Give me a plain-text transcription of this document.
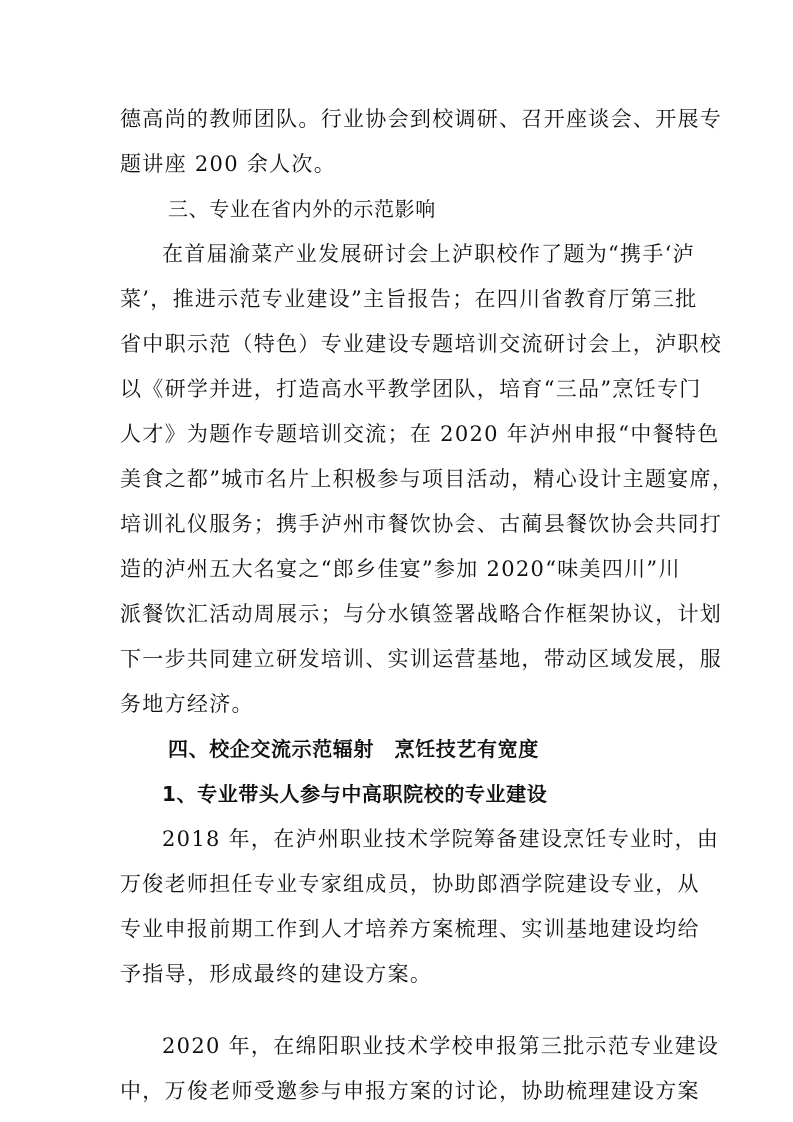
德高尚的教师团队。行业协会到校调研、召开座谈会、开展专
题讲座 200 余人次。
三、专业在省内外的示范影响
在首届渝菜产业发展研讨会上泸职校作了题为“携手‘泸
菜’，推进示范专业建设”主旨报告；在四川省教育厅第三批
省中职示范（特色）专业建设专题培训交流研讨会上，泸职校
以《研学并进，打造高水平教学团队，培育“三品”烹饪专门
人才》为题作专题培训交流；在 2020 年泸州申报“中餐特色
美食之都”城市名片上积极参与项目活动，精心设计主题宴席，
培训礼仪服务；携手泸州市餐饮协会、古蔺县餐饮协会共同打
造的泸州五大名宴之“郎乡佳宴”参加 2020“味美四川”川
派餐饮汇活动周展示；与分水镇签署战略合作框架协议，计划
下一步共同建立研发培训、实训运营基地，带动区域发展，服
务地方经济。
四、校企交流示范辐射　烹饪技艺有宽度
1、专业带头人参与中高职院校的专业建设
2018 年，在泸州职业技术学院筹备建设烹饪专业时，由
万俊老师担任专业专家组成员，协助郎酒学院建设专业，从
专业申报前期工作到人才培养方案梳理、实训基地建设均给
予指导，形成最终的建设方案。
2020 年，在绵阳职业技术学校申报第三批示范专业建设
中，万俊老师受邀参与申报方案的讨论，协助梳理建设方案
